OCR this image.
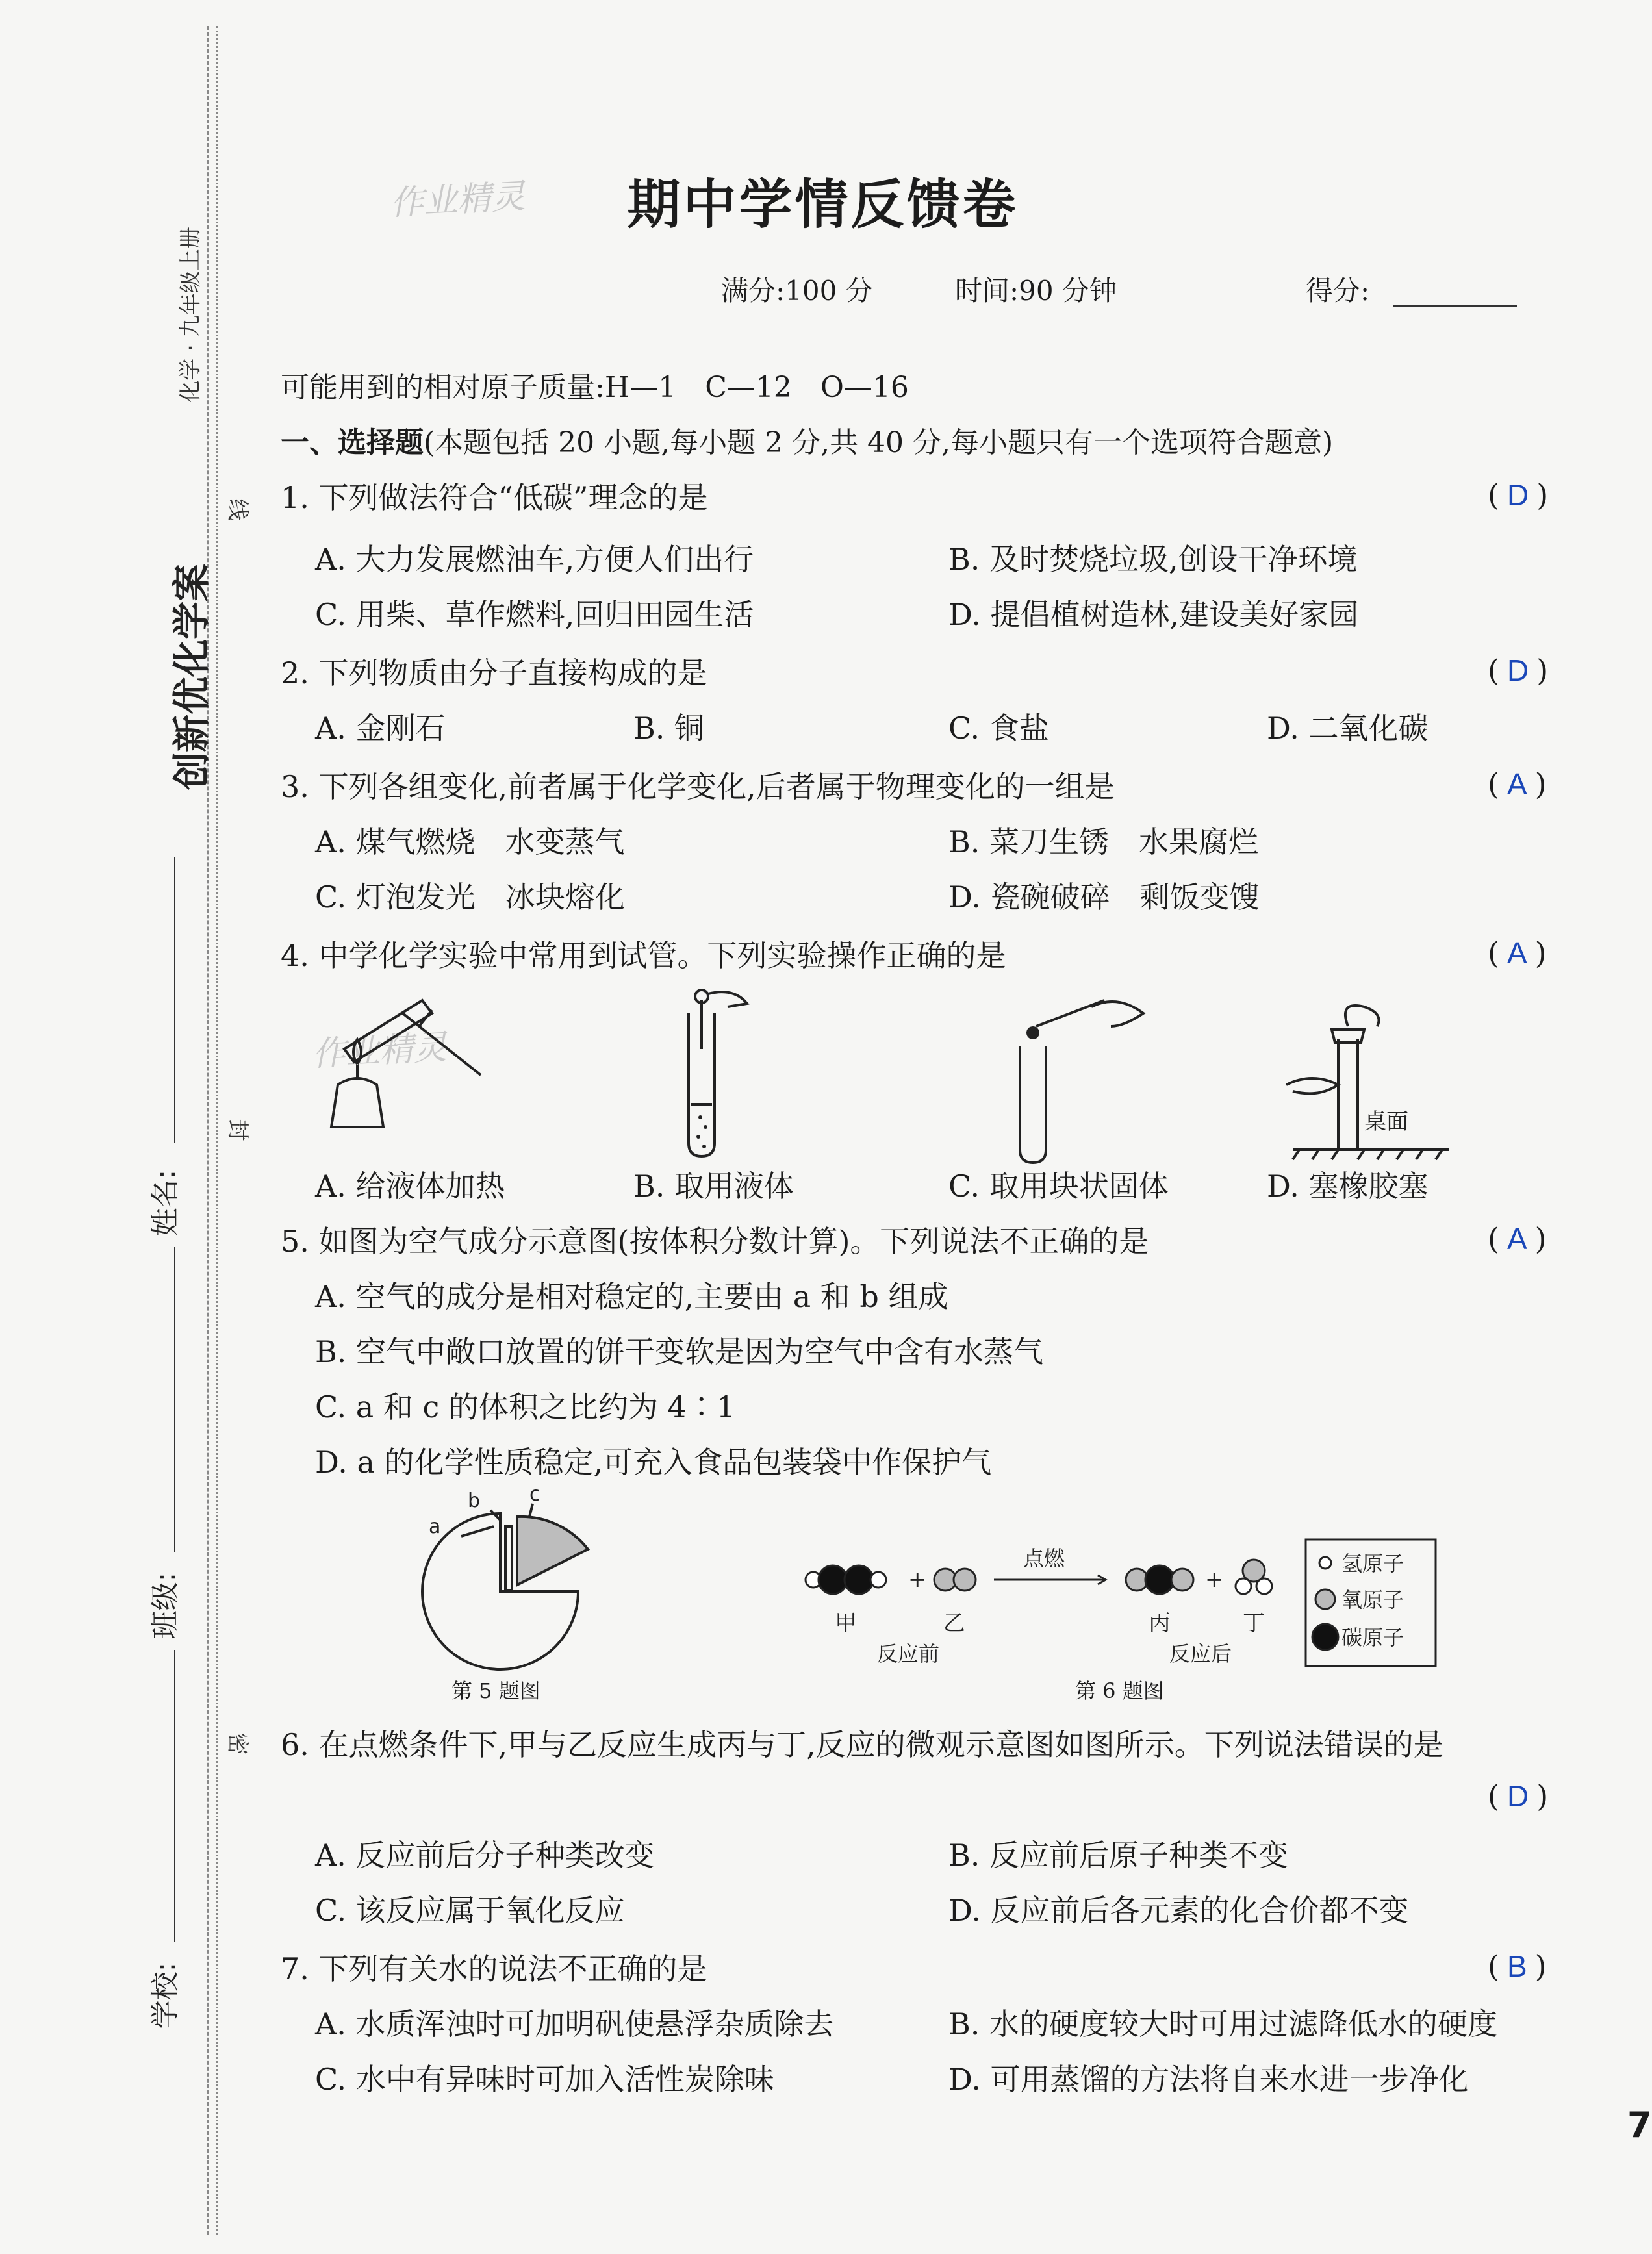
创新优化学案
化学 · 九年级上册
姓名:
班级:
学校:
线
封
密
作业精灵
作业精灵
期中学情反馈卷
满分:100 分	时间:90 分钟	得分:
可能用到的相对原子质量:H—1　C—12　O—16
一、选择题(本题包括 20 小题,每小题 2 分,共 40 分,每小题只有一个选项符合题意)
1. 下列做法符合“低碳”理念的是	( D )
A. 大力发展燃油车,方便人们出行	B. 及时焚烧垃圾,创设干净环境
C. 用柴、草作燃料,回归田园生活	D. 提倡植树造林,建设美好家园
2. 下列物质由分子直接构成的是	( D )
A. 金刚石	B. 铜	C. 食盐	D. 二氧化碳
3. 下列各组变化,前者属于化学变化,后者属于物理变化的一组是	( A )
A. 煤气燃烧　水变蒸气	B. 菜刀生锈　水果腐烂
C. 灯泡发光　冰块熔化	D. 瓷碗破碎　剩饭变馊
4. 中学化学实验中常用到试管。下列实验操作正确的是	( A )
桌面
A. 给液体加热	B. 取用液体	C. 取用块状固体	D. 塞橡胶塞
5. 如图为空气成分示意图(按体积分数计算)。下列说法不正确的是	( A )
A. 空气的成分是相对稳定的,主要由 a 和 b 组成
B. 空气中敞口放置的饼干变软是因为空气中含有水蒸气
C. a 和 c 的体积之比约为 4∶1
D. a 的化学性质稳定,可充入食品包装袋中作保护气
a
b	c
第 5 题图
+	+
点燃
甲	乙	丙	丁
反应前	反应后
氢原子
氧原子
碳原子
第 6 题图
6. 在点燃条件下,甲与乙反应生成丙与丁,反应的微观示意图如图所示。下列说法错误的是
( D )
A. 反应前后分子种类改变	B. 反应前后原子种类不变
C. 该反应属于氧化反应	D. 反应前后各元素的化合价都不变
7. 下列有关水的说法不正确的是	( B )
A. 水质浑浊时可加明矾使悬浮杂质除去	B. 水的硬度较大时可用过滤降低水的硬度
C. 水中有异味时可加入活性炭除味	D. 可用蒸馏的方法将自来水进一步净化
7
